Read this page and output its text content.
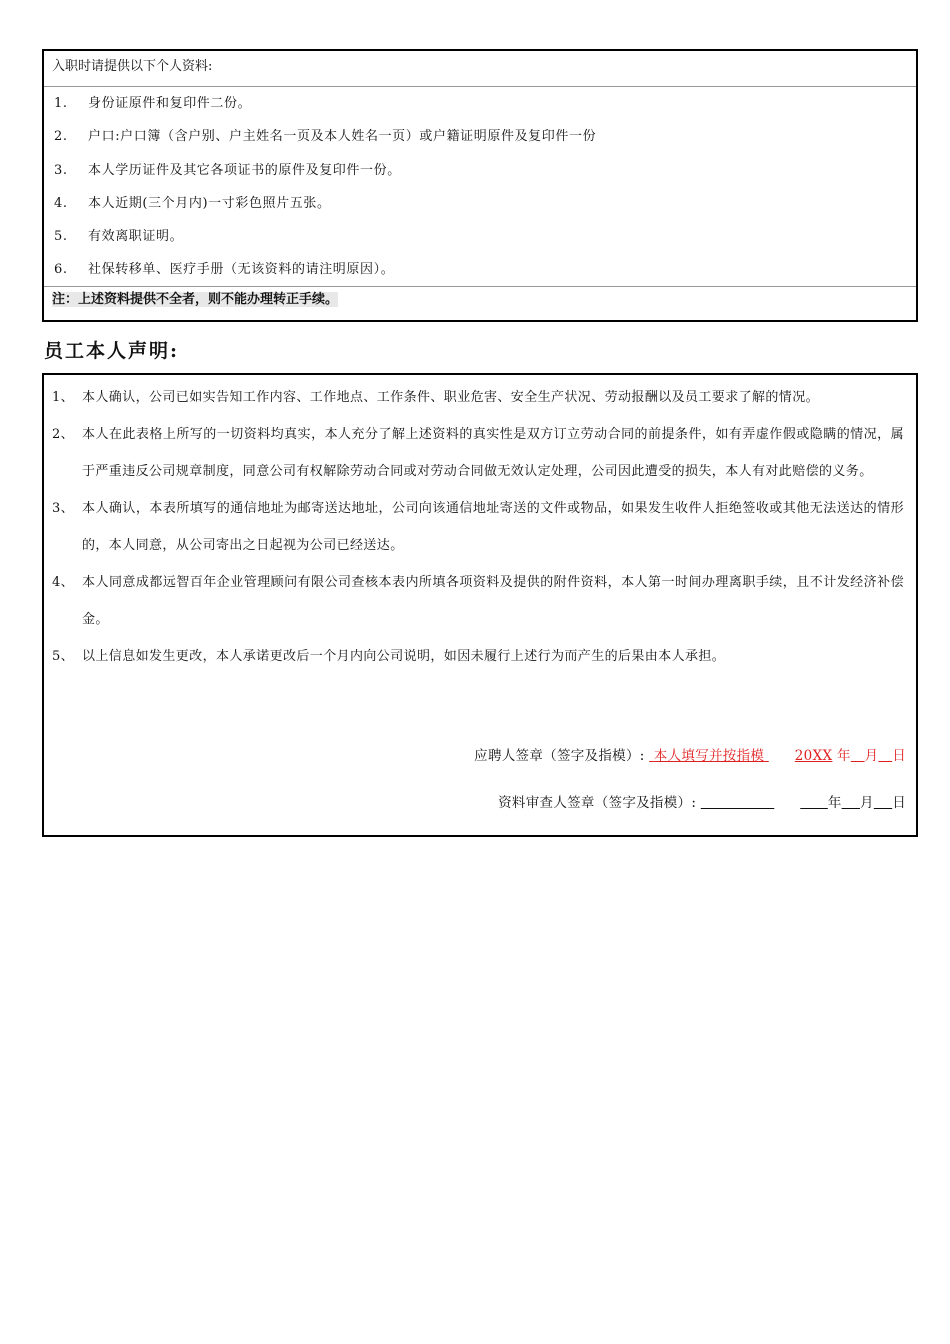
入职时请提供以下个人资料:
1. 身份证原件和复印件二份。
2. 户口:户口簿（含户别、户主姓名一页及本人姓名一页）或户籍证明原件及复印件一份
3. 本人学历证件及其它各项证书的原件及复印件一份。
4. 本人近期(三个月内)一寸彩色照片五张。
5. 有效离职证明。
6. 社保转移单、医疗手册（无该资料的请注明原因）。
注：上述资料提供不全者，则不能办理转正手续。
员工本人声明:
1、 本人确认，公司已如实告知工作内容、工作地点、工作条件、职业危害、安全生产状况、劳动报酬以及员工要求了解的情况。
2、 本人在此表格上所写的一切资料均真实，本人充分了解上述资料的真实性是双方订立劳动合同的前提条件，如有弄虚作假或隐瞒的情况，属于严重违反公司规章制度，同意公司有权解除劳动合同或对劳动合同做无效认定处理，公司因此遭受的损失，本人有对此赔偿的义务。
3、 本人确认，本表所填写的通信地址为邮寄送达地址，公司向该通信地址寄送的文件或物品，如果发生收件人拒绝签收或其他无法送达的情形的，本人同意，从公司寄出之日起视为公司已经送达。
4、 本人同意成都远智百年企业管理顾问有限公司查核本表内所填各项资料及提供的附件资料，本人第一时间办理离职手续，且不计发经济补偿金。
5、 以上信息如发生更改，本人承诺更改后一个月内向公司说明，如因未履行上述行为而产生的后果由本人承担。
应聘人签章（签字及指模）: 本人填写并按指模 20XX 年 月 日
资料审查人签章（签字及指模）:	年 月 日
